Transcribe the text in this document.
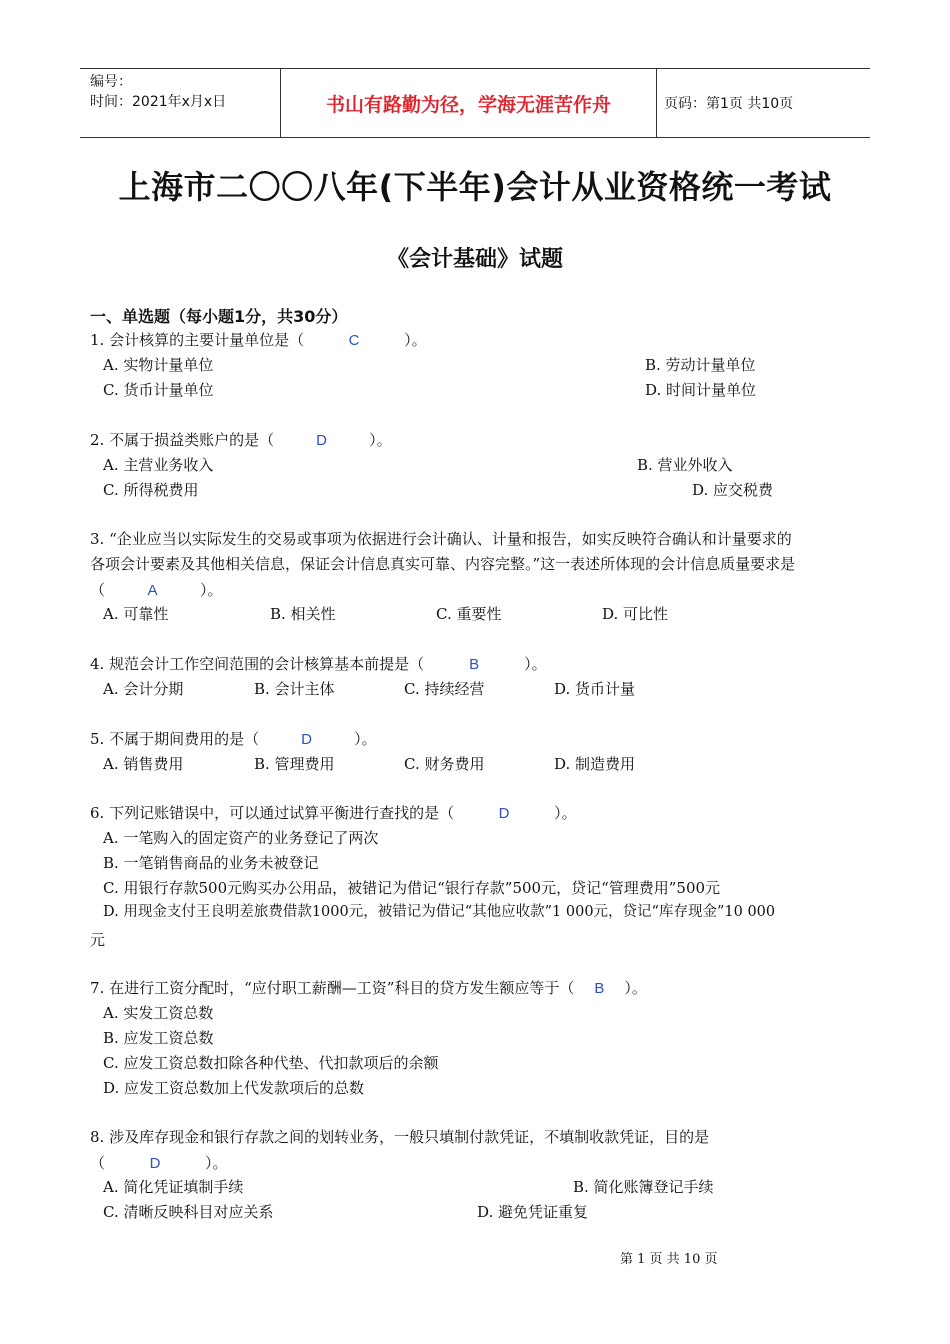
编号：
时间：2021年x月x日	书山有路勤为径，学海无涯苦作舟	页码：第1页 共10页
上海市二〇〇八年(下半年)会计从业资格统一考试
《会计基础》试题
一、单选题（每小题1分，共30分）
1. 会计核算的主要计量单位是（	C	）。
A. 实物计量单位	B. 劳动计量单位
C. 货币计量单位	D. 时间计量单位
2. 不属于损益类账户的是（	D	）。
A. 主营业务收入	B. 营业外收入
C. 所得税费用	D. 应交税费
3. “企业应当以实际发生的交易或事项为依据进行会计确认、计量和报告，如实反映符合确认和计量要求的
各项会计要素及其他相关信息，保证会计信息真实可靠、内容完整。”这一表述所体现的会计信息质量要求是
（	A	）。
A. 可靠性	B. 相关性	C. 重要性	D. 可比性
4. 规范会计工作空间范围的会计核算基本前提是（	B	）。
A. 会计分期	B. 会计主体	C. 持续经营	D. 货币计量
5. 不属于期间费用的是（	D	）。
A. 销售费用	B. 管理费用	C. 财务费用	D. 制造费用
6. 下列记账错误中，可以通过试算平衡进行查找的是（	D	）。
A. 一笔购入的固定资产的业务登记了两次
B. 一笔销售商品的业务未被登记
C. 用银行存款500元购买办公用品，被错记为借记“银行存款”500元，贷记“管理费用”500元
D. 用现金支付王良明差旅费借款1000元，被错记为借记“其他应收款”1 000元，贷记“库存现金”10 000
元
7. 在进行工资分配时，“应付职工薪酬—工资”科目的贷方发生额应等于（ B ）。
A. 实发工资总数
B. 应发工资总数
C. 应发工资总数扣除各种代垫、代扣款项后的余额
D. 应发工资总数加上代发款项后的总数
8. 涉及库存现金和银行存款之间的划转业务，一般只填制付款凭证，不填制收款凭证，目的是
（	D	）。
A. 简化凭证填制手续	B. 简化账簿登记手续
C. 清晰反映科目对应关系	D. 避免凭证重复
第 1 页 共 10 页
